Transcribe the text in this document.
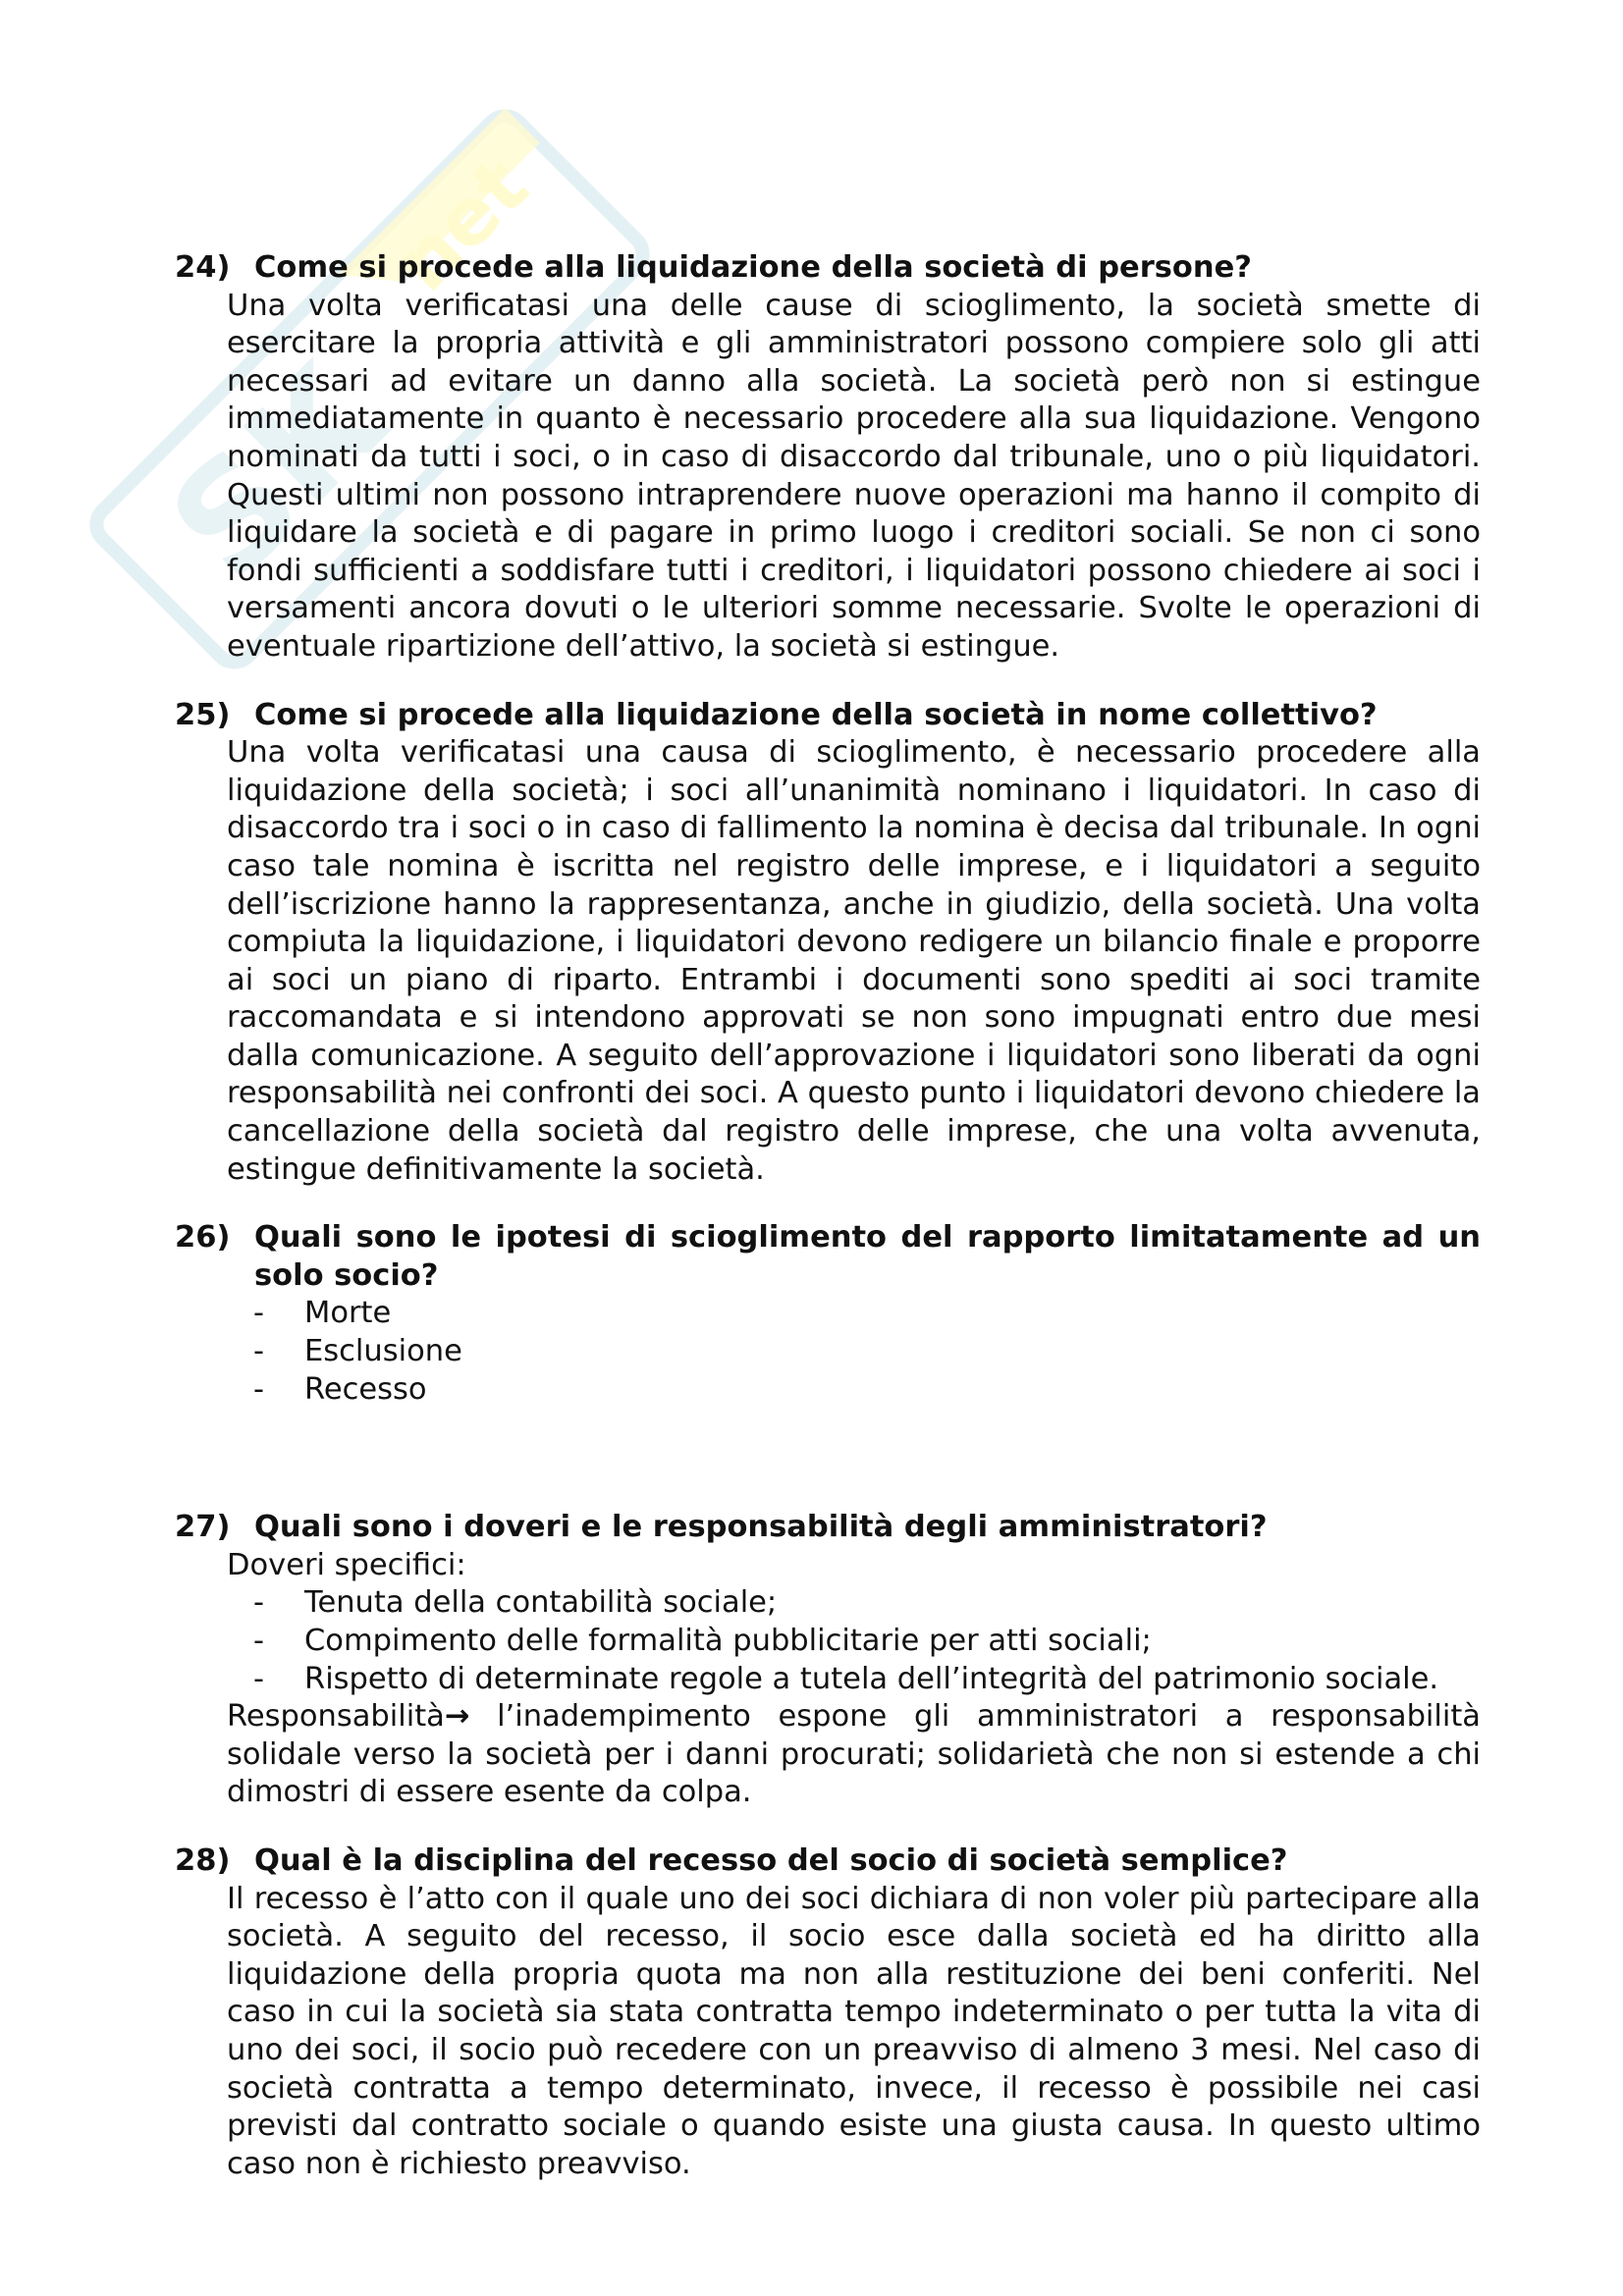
SK
net
24) Come si procede alla liquidazione della società di persone?

Una volta verificatasi una delle cause di scioglimento, la società smette di esercitare la propria attività e gli amministratori possono compiere solo gli atti necessari ad evitare un danno alla società. La società però non si estingue immediatamente in quanto è necessario procedere alla sua liquidazione. Vengono nominati da tutti i soci, o in caso di disaccordo dal tribunale, uno o più liquidatori. Questi ultimi non possono intraprendere nuove operazioni ma hanno il compito di liquidare la società e di pagare in primo luogo i creditori sociali. Se non ci sono fondi sufficienti a soddisfare tutti i creditori, i liquidatori possono chiedere ai soci i versamenti ancora dovuti o le ulteriori somme necessarie. Svolte le operazioni di eventuale ripartizione dell’attivo, la società si estingue.

25) Come si procede alla liquidazione della società in nome collettivo?

Una volta verificatasi una causa di scioglimento, è necessario procedere alla liquidazione della società; i soci all’unanimità nominano i liquidatori. In caso di disaccordo tra i soci o in caso di fallimento la nomina è decisa dal tribunale. In ogni caso tale nomina è iscritta nel registro delle imprese, e i liquidatori a seguito dell’iscrizione hanno la rappresentanza, anche in giudizio, della società. Una volta compiuta la liquidazione, i liquidatori devono redigere un bilancio finale e proporre ai soci un piano di riparto. Entrambi i documenti sono spediti ai soci tramite raccomandata e si intendono approvati se non sono impugnati entro due mesi dalla comunicazione. A seguito dell’approvazione i liquidatori sono liberati da ogni responsabilità nei confronti dei soci. A questo punto i liquidatori devono chiedere la cancellazione della società dal registro delle imprese, che una volta avvenuta, estingue definitivamente la società.

26) Quali sono le ipotesi di scioglimento del rapporto limitatamente ad un solo socio?
-	Morte
-	Esclusione
-	Recesso
27) Quali sono i doveri e le responsabilità degli amministratori?

Doveri specifici:

-	Tenuta della contabilità sociale;
-	Compimento delle formalità pubblicitarie per atti sociali;
-	Rispetto di determinate regole a tutela dell’integrità del patrimonio sociale.

Responsabilità→ l’inadempimento espone gli amministratori a responsabilità solidale verso la società per i danni procurati; solidarietà che non si estende a chi dimostri di essere esente da colpa.

28) Qual è la disciplina del recesso del socio di società semplice?

Il recesso è l’atto con il quale uno dei soci dichiara di non voler più partecipare alla società. A seguito del recesso, il socio esce dalla società ed ha diritto alla liquidazione della propria quota ma non alla restituzione dei beni conferiti. Nel caso in cui la società sia stata contratta tempo indeterminato o per tutta la vita di uno dei soci, il socio può recedere con un preavviso di almeno 3 mesi. Nel caso di società contratta a tempo determinato, invece, il recesso è possibile nei casi previsti dal contratto sociale o quando esiste una giusta causa. In questo ultimo caso non è richiesto preavviso.
